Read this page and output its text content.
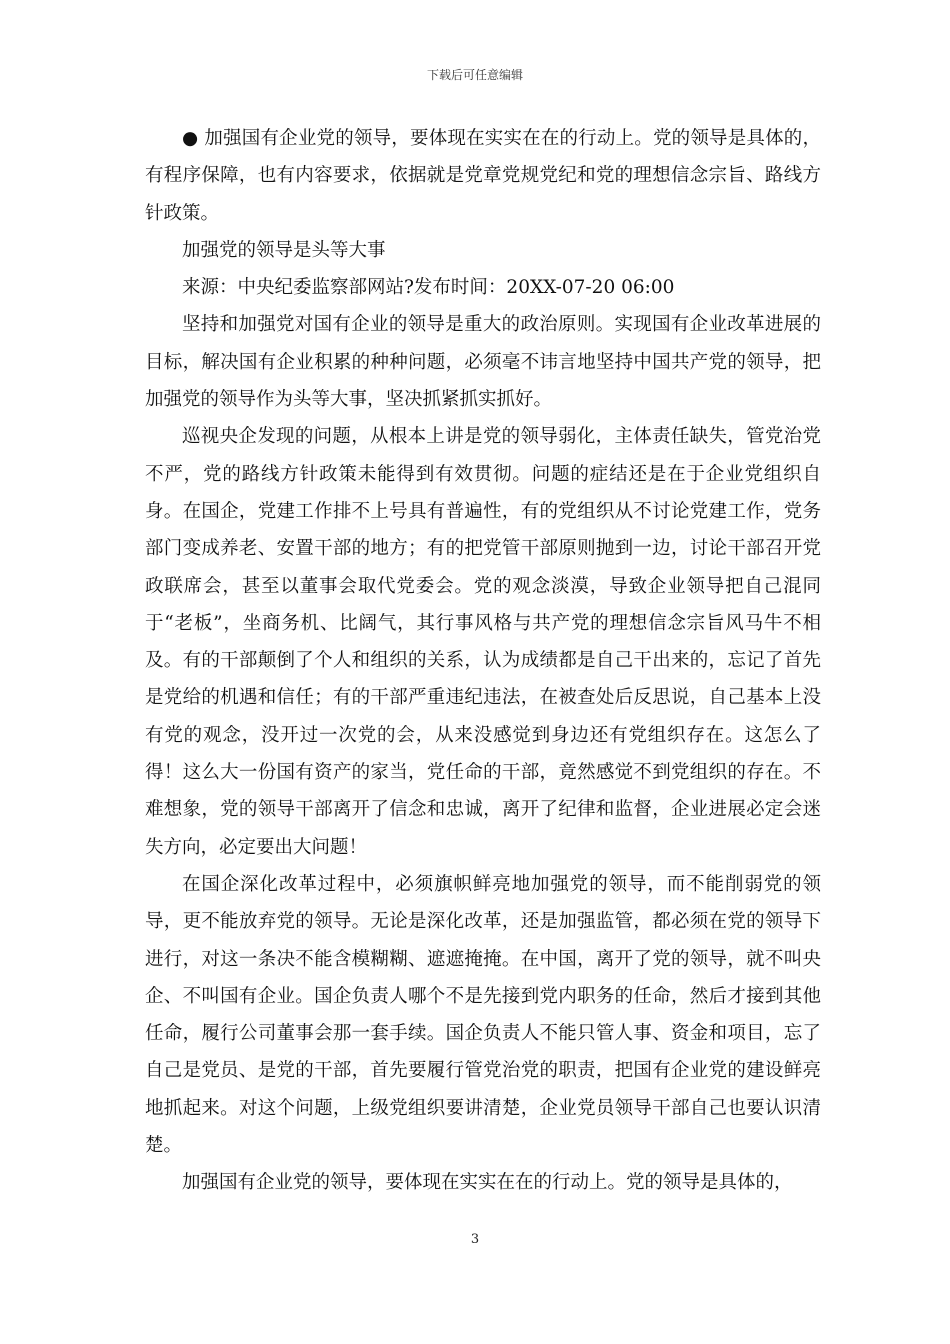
下载后可任意编辑

● 加强国有企业党的领导，要体现在实实在在的行动上。党的领导是具体的，有程序保障，也有内容要求，依据就是党章党规党纪和党的理想信念宗旨、路线方针政策。

加强党的领导是头等大事

来源：中央纪委监察部网站?发布时间：20XX-07-20 06:00

坚持和加强党对国有企业的领导是重大的政治原则。实现国有企业改革进展的目标，解决国有企业积累的种种问题，必须毫不讳言地坚持中国共产党的领导，把加强党的领导作为头等大事，坚决抓紧抓实抓好。

巡视央企发现的问题，从根本上讲是党的领导弱化，主体责任缺失，管党治党不严，党的路线方针政策未能得到有效贯彻。问题的症结还是在于企业党组织自身。在国企，党建工作排不上号具有普遍性，有的党组织从不讨论党建工作，党务部门变成养老、安置干部的地方；有的把党管干部原则抛到一边，讨论干部召开党政联席会，甚至以董事会取代党委会。党的观念淡漠，导致企业领导把自己混同于“老板”，坐商务机、比阔气，其行事风格与共产党的理想信念宗旨风马牛不相及。有的干部颠倒了个人和组织的关系，认为成绩都是自己干出来的，忘记了首先是党给的机遇和信任；有的干部严重违纪违法，在被查处后反思说，自己基本上没有党的观念，没开过一次党的会，从来没感觉到身边还有党组织存在。这怎么了得！这么大一份国有资产的家当，党任命的干部，竟然感觉不到党组织的存在。不难想象，党的领导干部离开了信念和忠诚，离开了纪律和监督，企业进展必定会迷失方向，必定要出大问题！

在国企深化改革过程中，必须旗帜鲜亮地加强党的领导，而不能削弱党的领导，更不能放弃党的领导。无论是深化改革，还是加强监管，都必须在党的领导下进行，对这一条决不能含模糊糊、遮遮掩掩。在中国，离开了党的领导，就不叫央企、不叫国有企业。国企负责人哪个不是先接到党内职务的任命，然后才接到其他任命，履行公司董事会那一套手续。国企负责人不能只管人事、资金和项目，忘了自己是党员、是党的干部，首先要履行管党治党的职责，把国有企业党的建设鲜亮地抓起来。对这个问题，上级党组织要讲清楚，企业党员领导干部自己也要认识清楚。

加强国有企业党的领导，要体现在实实在在的行动上。党的领导是具体的，

3
